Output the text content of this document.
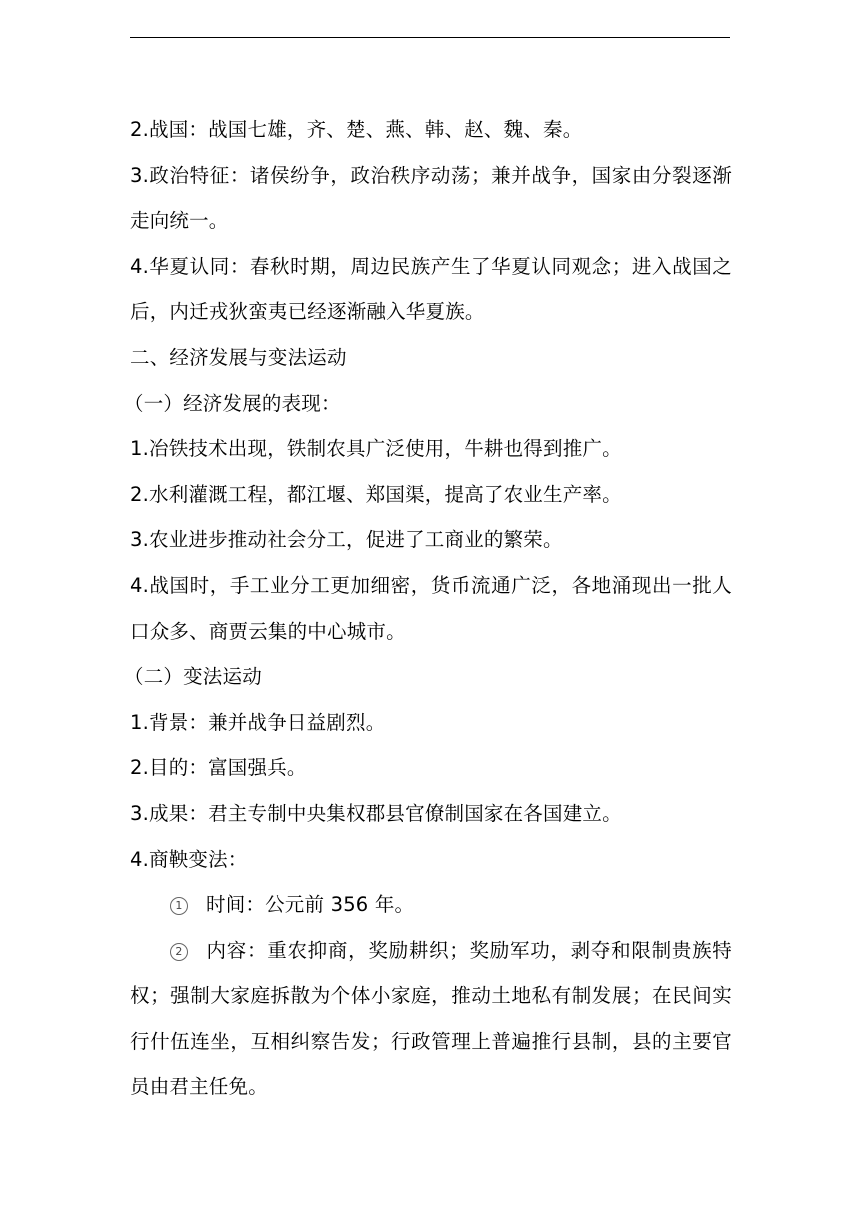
2.战国：战国七雄，齐、楚、燕、韩、赵、魏、秦。

3.政治特征：诸侯纷争，政治秩序动荡；兼并战争，国家由分裂逐渐走向统一。

4.华夏认同：春秋时期，周边民族产生了华夏认同观念；进入战国之后，内迁戎狄蛮夷已经逐渐融入华夏族。

二、经济发展与变法运动

（一）经济发展的表现：

1.冶铁技术出现，铁制农具广泛使用，牛耕也得到推广。

2.水利灌溉工程，都江堰、郑国渠，提高了农业生产率。

3.农业进步推动社会分工，促进了工商业的繁荣。

4.战国时，手工业分工更加细密，货币流通广泛，各地涌现出一批人口众多、商贾云集的中心城市。

（二）变法运动

1.背景：兼并战争日益剧烈。

2.目的：富国强兵。

3.成果：君主专制中央集权郡县官僚制国家在各国建立。

4.商鞅变法：

1 时间：公元前 356 年。

2 内容：重农抑商，奖励耕织；奖励军功，剥夺和限制贵族特权；强制大家庭拆散为个体小家庭，推动土地私有制发展；在民间实行什伍连坐，互相纠察告发；行政管理上普遍推行县制，县的主要官员由君主任免。
